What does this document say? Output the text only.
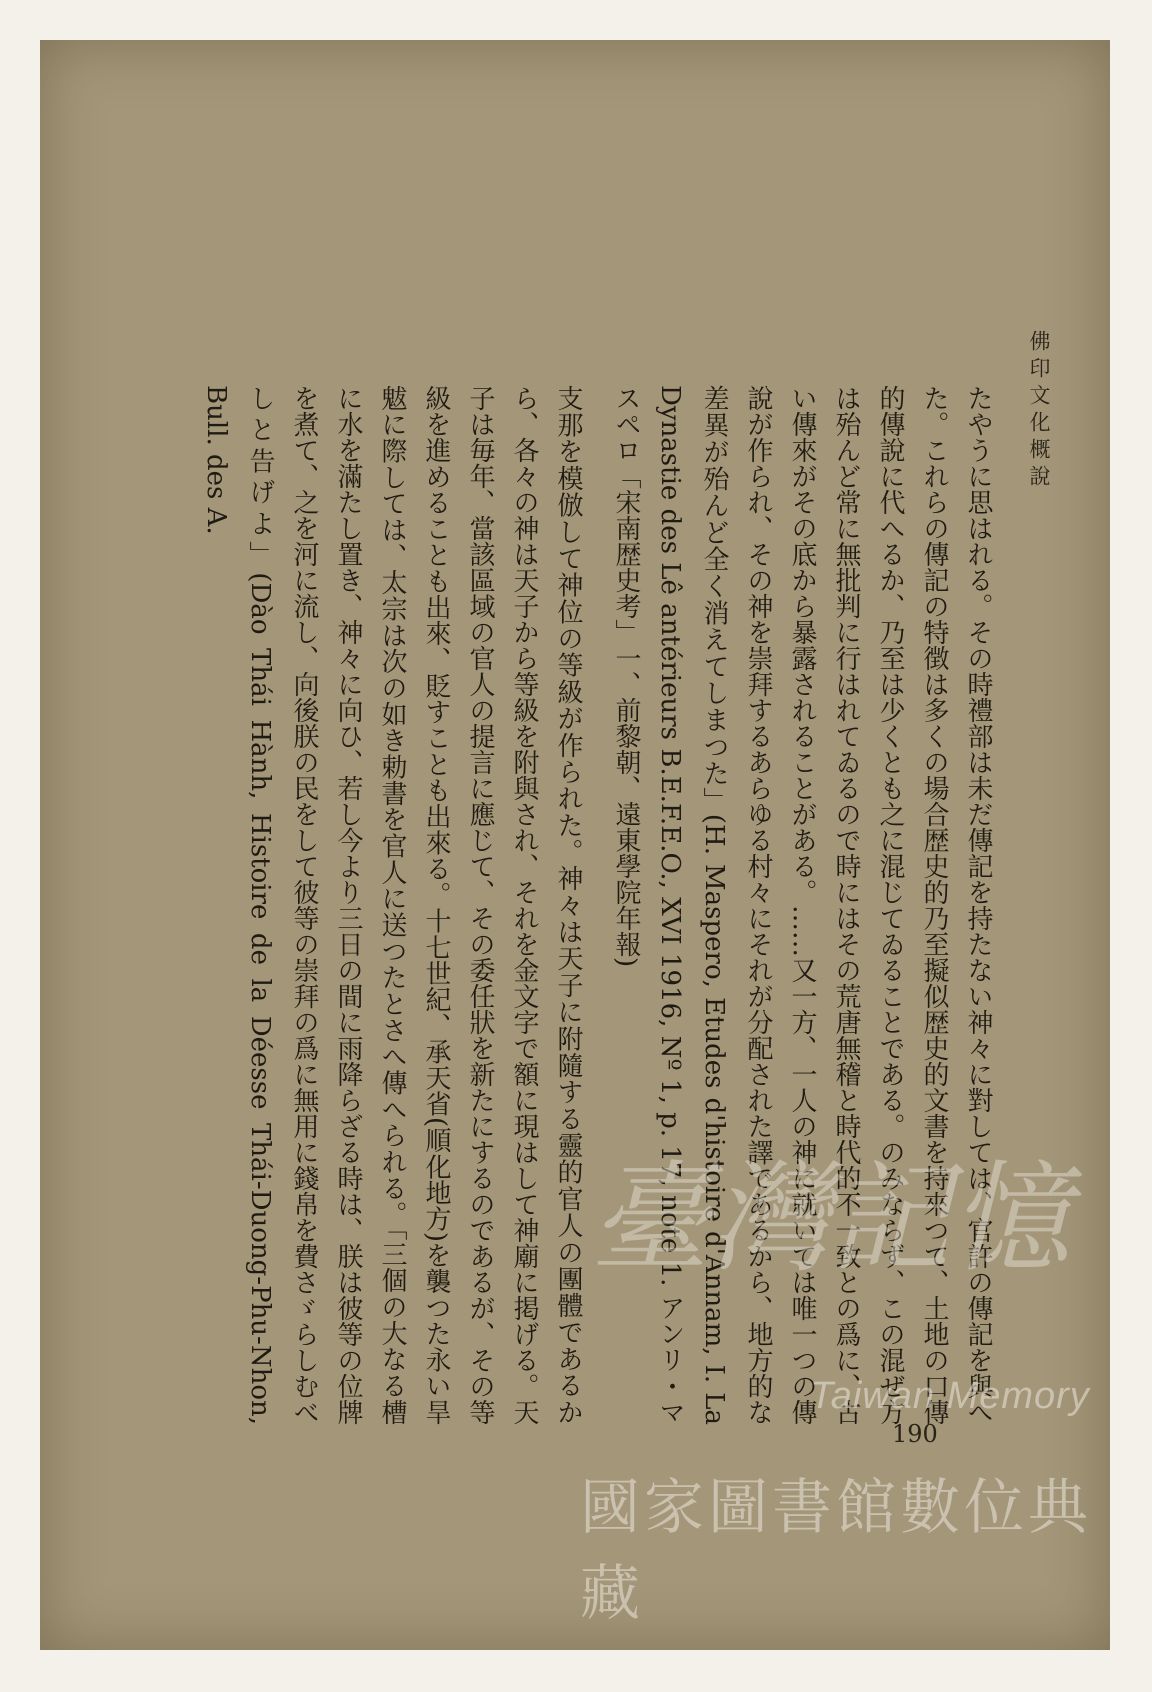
佛印文化概說

たやうに思はれる。その時禮部は未だ傳記を持たない神々に對しては、官許の傳記を與へた。これらの傳記の特徴は多くの場合歴史的乃至擬似歴史的文書を持來つて、土地の口傳的傳說に代へるか、乃至は少くとも之に混じてゐることである。のみならず、この混ぜ方は殆んど常に無批判に行はれてゐるので時にはその荒唐無稽と時代的不一致との爲に、古い傳來がその底から暴露されることがある。……又一方、一人の神に就いては唯一つの傳說が作られ、その神を崇拜するあらゆる村々にそれが分配された譯であるから、地方的な差異が殆んど全く消えてしまつた」(H. Maspero, Etudes d'histoire d'Annam, I. La Dynastie des Lê antérieurs B.E.F.E.O., XVI 1916, Nº 1, p. 17, note 1. アンリ・マスペロ「宋南歴史考」一、前黎朝、遠東學院年報)

支那を模倣して神位の等級が作られた。神々は天子に附隨する靈的官人の團體であるから、各々の神は天子から等級を附與され、それを金文字で額に現はして神廟に掲げる。天子は毎年、當該區域の官人の提言に應じて、その委任狀を新たにするのであるが、その等級を進めることも出來、貶すことも出來る。十七世紀、承天省(順化地方)を襲つた永い旱魃に際しては、太宗は次の如き勅書を官人に送つたとさへ傳へられる。「三個の大なる槽に水を滿たし置き、神々に向ひ、若し今より三日の間に雨降らざる時は、朕は彼等の位牌を煮て、之を河に流し、向後朕の民をして彼等の崇拜の爲に無用に錢帛を費さゞらしむべしと告げよ」(Dào Thái Hành, Histoire de la Déesse Thái-Duong-Phu-Nhon, Bull. des A.

190
臺灣記憶
Taiwan Memory
國家圖書館數位典藏
